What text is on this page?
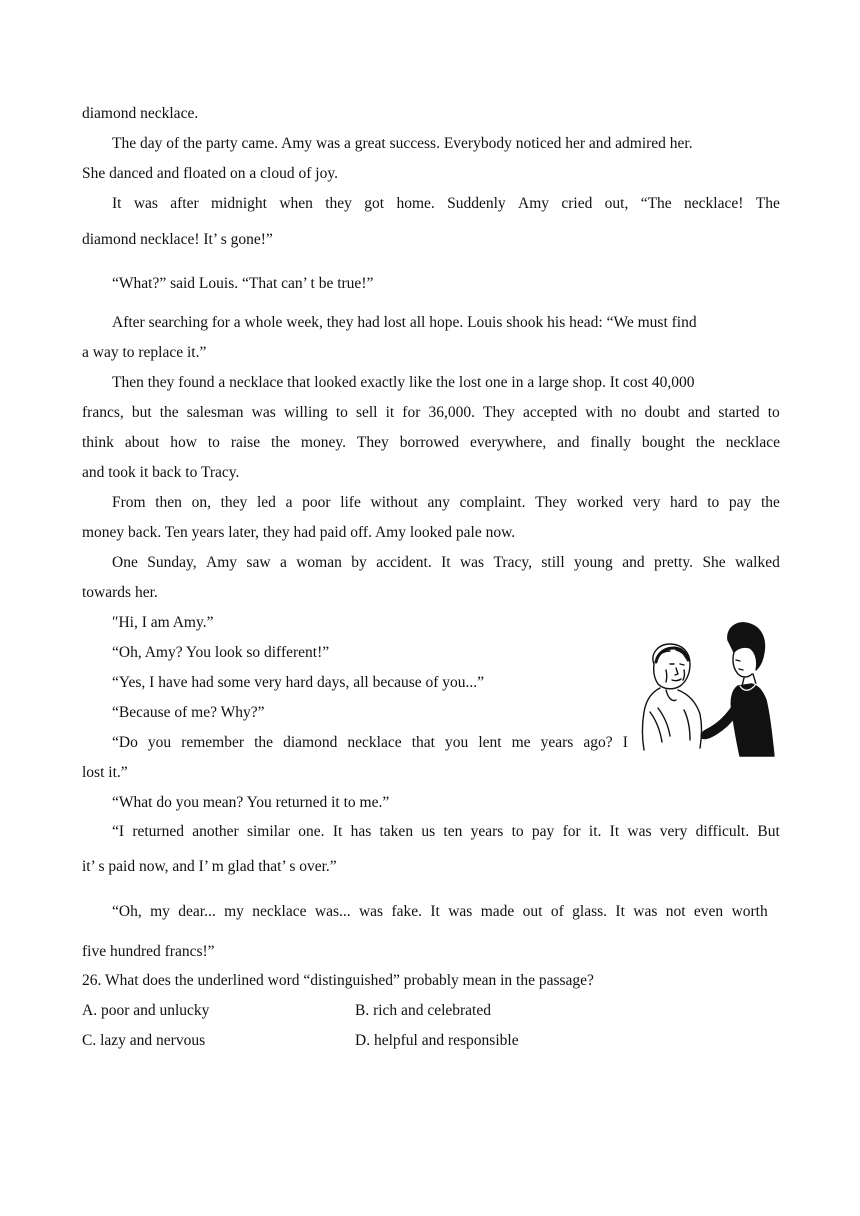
diamond necklace.
The day of the party came. Amy was a great success. Everybody noticed her and admired her.
She danced and floated on a cloud of joy.
It was after midnight when they got home. Suddenly Amy cried out, “The necklace! The
diamond necklace! It’ s gone!”
“What?” said Louis. “That can’ t be true!”
After searching for a whole week, they had lost all hope. Louis shook his head: “We must find
a way to replace it.”
Then they found a necklace that looked exactly like the lost one in a large shop. It cost 40,000
francs, but the salesman was willing to sell it for 36,000. They accepted with no doubt and started to
think about how to raise the money. They borrowed everywhere, and finally bought the necklace
and took it back to Tracy.
From then on, they led a poor life without any complaint. They worked very hard to pay the
money back. Ten years later, they had paid off. Amy looked pale now.
One Sunday, Amy saw a woman by accident. It was Tracy, still young and pretty. She walked
towards her.
″Hi, I am Amy.”
“Oh, Amy? You look so different!”
“Yes, I have had some very hard days, all because of you...”
“Because of me? Why?”
“Do you remember the diamond necklace that you lent me years ago? I
lost it.”
“What do you mean? You returned it to me.”
“I returned another similar one. It has taken us ten years to pay for it. It was very difficult. But
it’ s paid now, and I’ m glad that’ s over.”
“Oh, my dear... my necklace was... was fake. It was made out of glass. It was not even worth
five hundred francs!”
26. What does the underlined word “distinguished” probably mean in the passage?
A. poor and unlucky	B. rich and celebrated
C. lazy and nervous	D. helpful and responsible
